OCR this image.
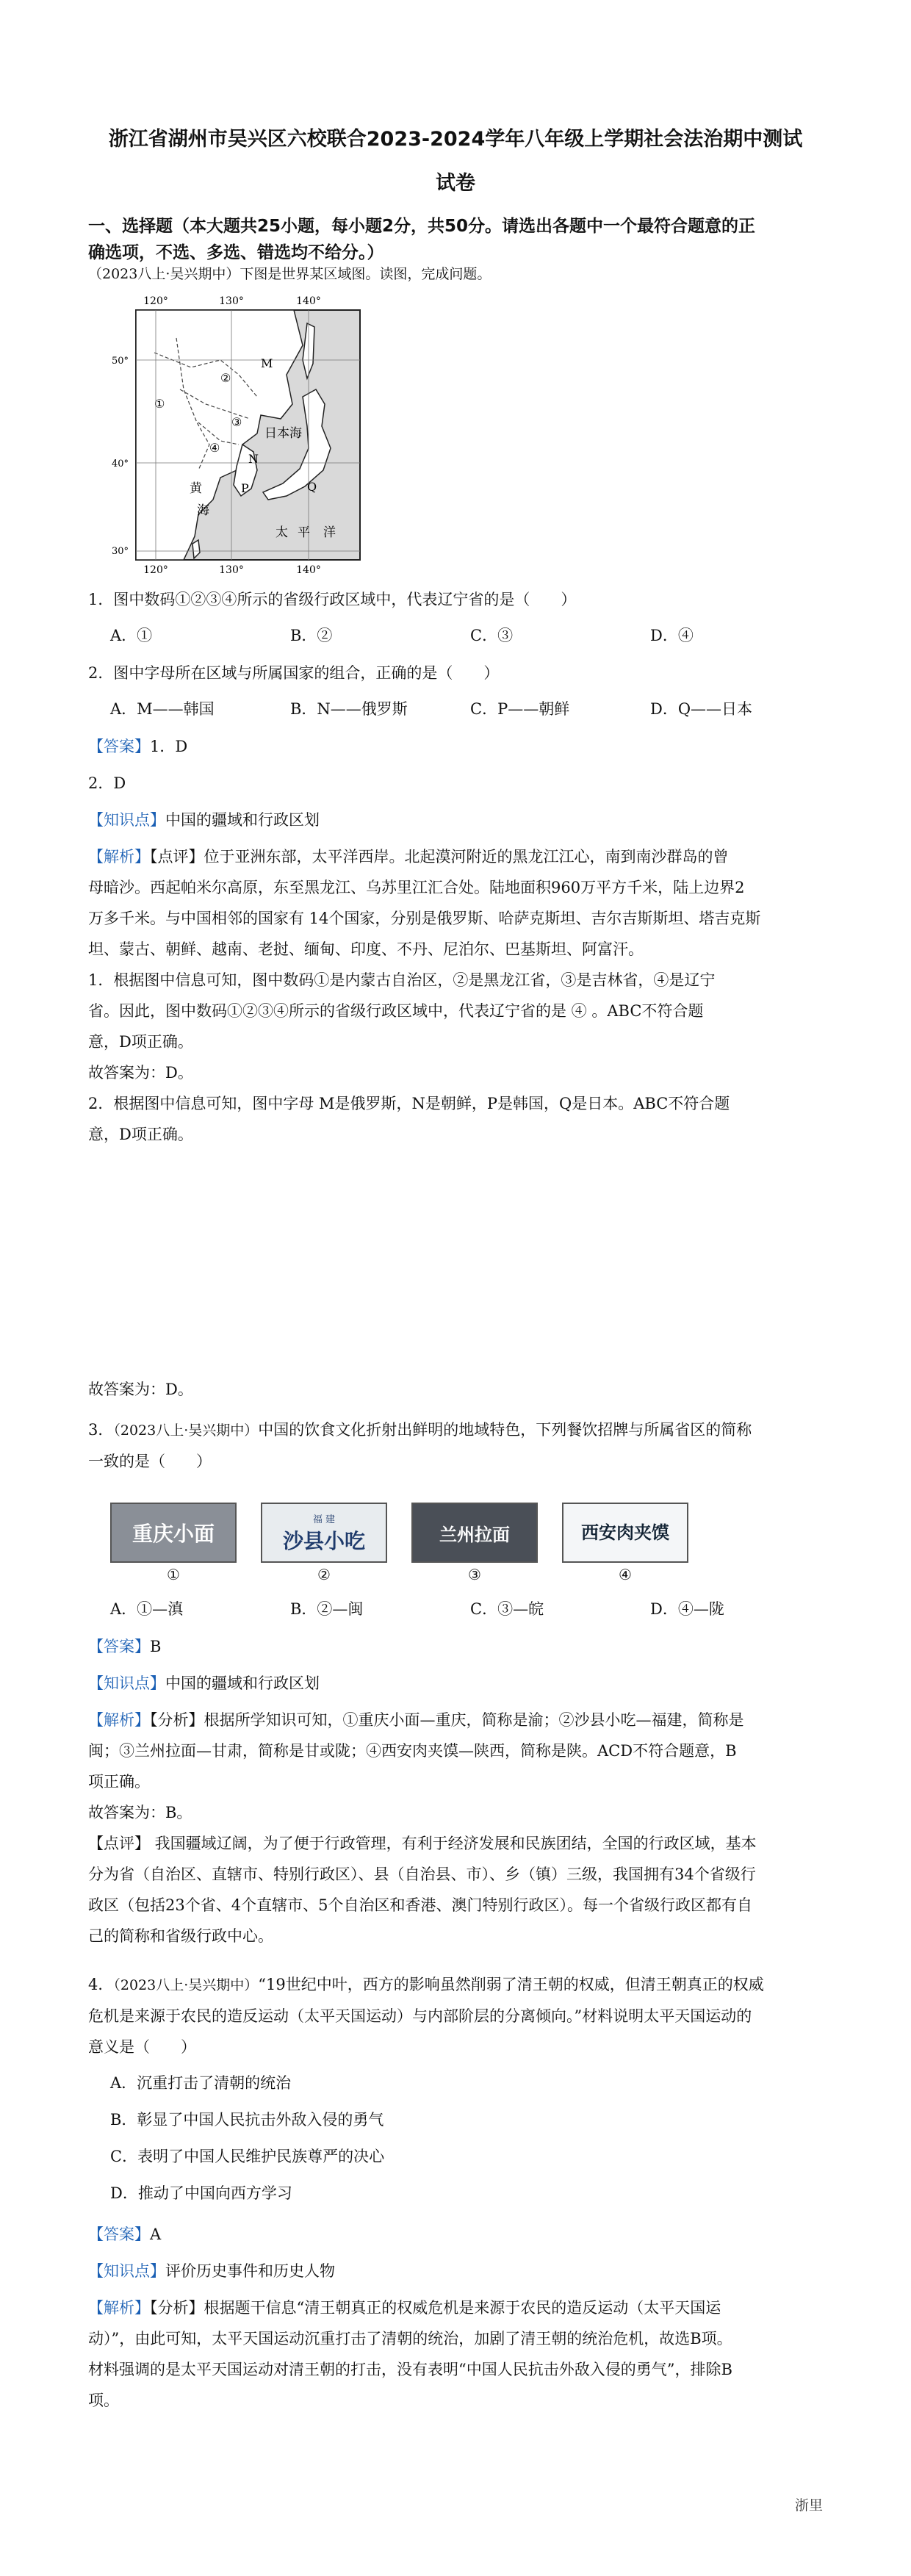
浙江省湖州市吴兴区六校联合2023-2024学年八年级上学期社会法治期中测试
试卷
一、选择题（本大题共25小题，每小题2分，共50分。请选出各题中一个最符合题意的正
确选项，不选、多选、错选均不给分。）
（2023八上·吴兴期中）下图是世界某区域图。读图，完成问题。
120°	130°	140°
50°
40°
30°
①
②
③
④
M
N
P	Q
日本海
黄
海
太 平 洋
120°	130°	140°
1．图中数码①②③④所示的省级行政区域中，代表辽宁省的是（　　）
A．①	B．②	C．③	D．④
2．图中字母所在区域与所属国家的组合，正确的是（　　）
A．M——韩国	B．N——俄罗斯	C．P——朝鲜	D．Q——日本
【答案】1．D
2．D
【知识点】中国的疆域和行政区划
【解析】【点评】位于亚洲东部，太平洋西岸。北起漠河附近的黑龙江江心，南到南沙群岛的曾
母暗沙。西起帕米尔高原，东至黑龙江、乌苏里江汇合处。陆地面积960万平方千米，陆上边界2
万多千米。与中国相邻的国家有 14个国家，分别是俄罗斯、哈萨克斯坦、吉尔吉斯斯坦、塔吉克斯
坦、蒙古、朝鲜、越南、老挝、缅甸、印度、不丹、尼泊尔、巴基斯坦、阿富汗。
1．根据图中信息可知，图中数码①是内蒙古自治区，②是黑龙江省，③是吉林省，④是辽宁
省。因此，图中数码①②③④所示的省级行政区域中，代表辽宁省的是 ④ 。ABC不符合题
意，D项正确。
故答案为：D。
2．根据图中信息可知，图中字母 M是俄罗斯，N是朝鲜，P是韩国，Q是日本。ABC不符合题
意，D项正确。
故答案为：D。
3．（2023八上·吴兴期中）中国的饮食文化折射出鲜明的地域特色，下列餐饮招牌与所属省区的简称
一致的是（　　）
重庆小面
①
福 建
沙县小吃
②
兰州拉面
③
西安肉夹馍
④
A．①—滇	B．②—闽	C．③—皖	D．④—陇
【答案】B
【知识点】中国的疆域和行政区划
【解析】【分析】根据所学知识可知，①重庆小面—重庆，简称是渝；②沙县小吃—福建，简称是
闽；③兰州拉面—甘肃，简称是甘或陇；④西安肉夹馍—陕西，简称是陕。ACD不符合题意，B
项正确。
故答案为：B。
【点评】 我国疆域辽阔，为了便于行政管理，有利于经济发展和民族团结，全国的行政区域，基本
分为省（自治区、直辖市、特别行政区）、县（自治县、市）、乡（镇）三级，我国拥有34个省级行
政区（包括23个省、4个直辖市、5个自治区和香港、澳门特别行政区）。每一个省级行政区都有自
己的简称和省级行政中心。
4．（2023八上·吴兴期中）“19世纪中叶，西方的影响虽然削弱了清王朝的权威，但清王朝真正的权威
危机是来源于农民的造反运动（太平天国运动）与内部阶层的分离倾向。”材料说明太平天国运动的
意义是（　　）
A．沉重打击了清朝的统治
B．彰显了中国人民抗击外敌入侵的勇气
C．表明了中国人民维护民族尊严的决心
D．推动了中国向西方学习
【答案】A
【知识点】评价历史事件和历史人物
【解析】【分析】根据题干信息“清王朝真正的权威危机是来源于农民的造反运动（太平天国运
动）”，由此可知，太平天国运动沉重打击了清朝的统治，加剧了清王朝的统治危机，故选B项。
材料强调的是太平天国运动对清王朝的打击，没有表明“中国人民抗击外敌入侵的勇气”，排除B
项。
浙里
